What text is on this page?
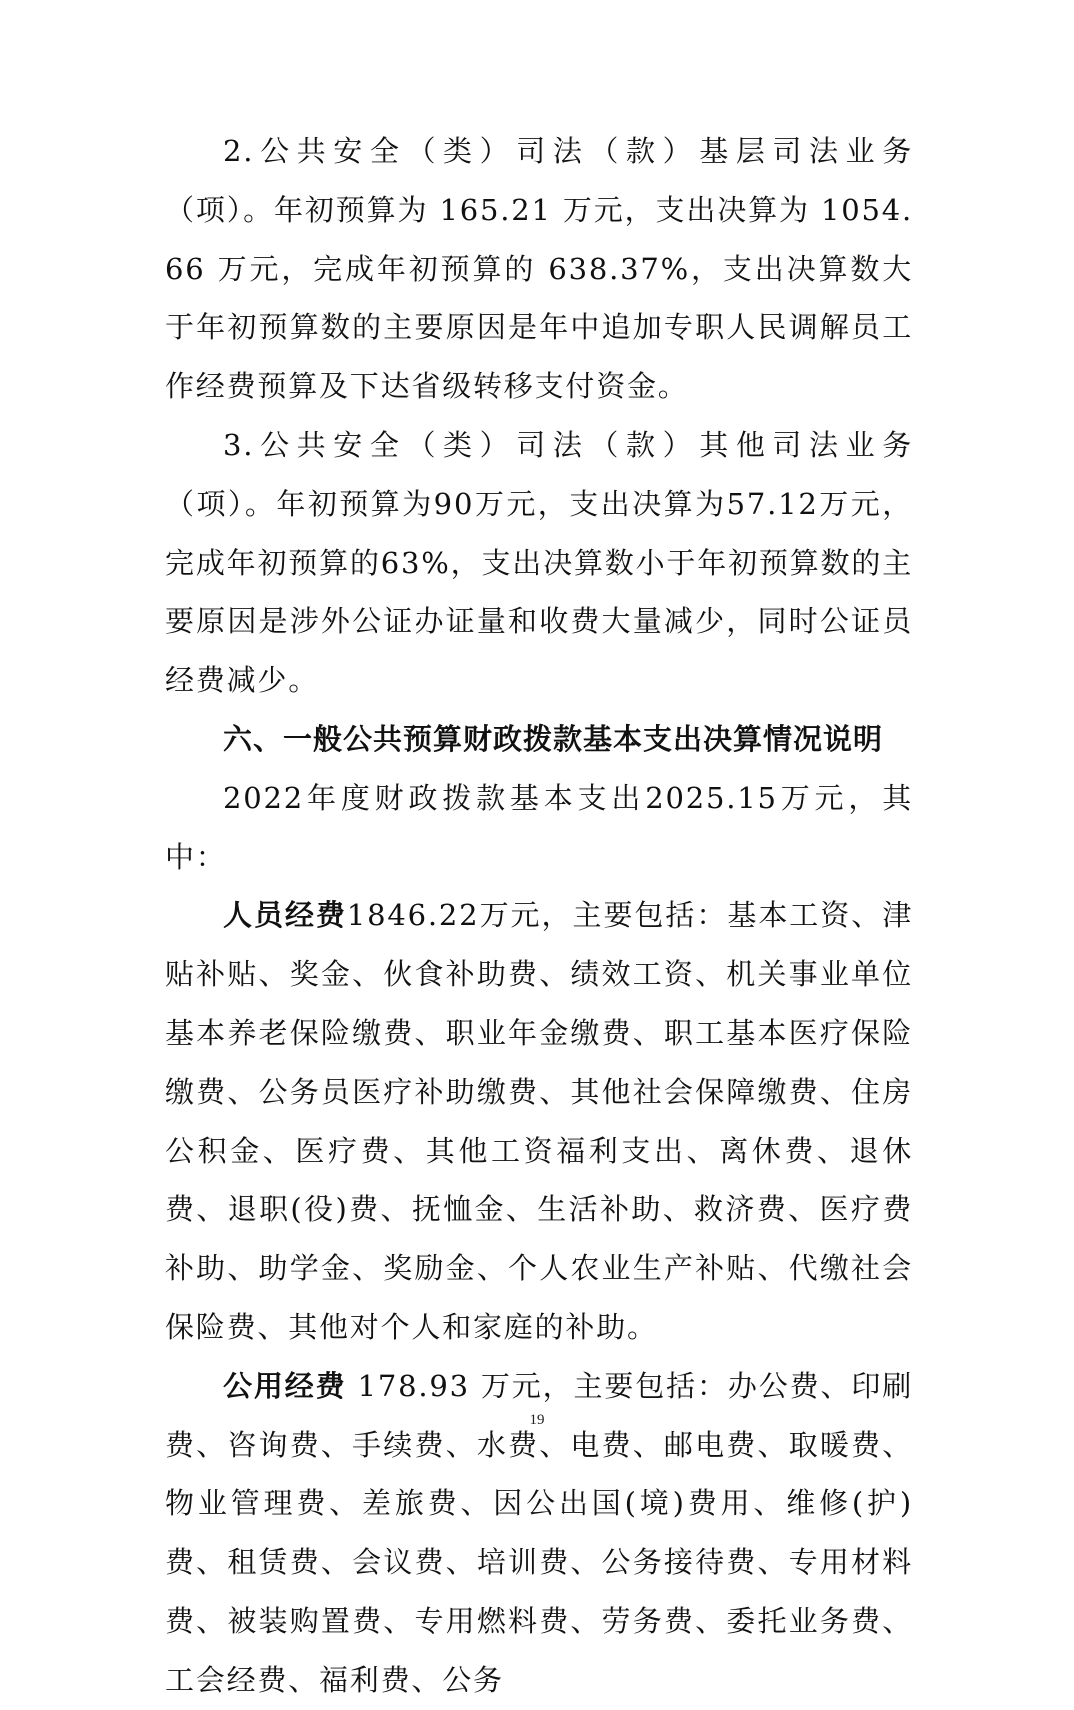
2.公共安全（类）司法（款）基层司法业务（项）。年初预算为 165.21 万元，支出决算为 1054.66 万元，完成年初预算的 638.37%，支出决算数大于年初预算数的主要原因是年中追加专职人民调解员工作经费预算及下达省级转移支付资金。

3.公共安全（类）司法（款）其他司法业务（项）。年初预算为90万元，支出决算为57.12万元，完成年初预算的63%，支出决算数小于年初预算数的主要原因是涉外公证办证量和收费大量减少，同时公证员经费减少。

六、一般公共预算财政拨款基本支出决算情况说明

2022年度财政拨款基本支出2025.15万元，其中：

人员经费1846.22万元，主要包括：基本工资、津贴补贴、奖金、伙食补助费、绩效工资、机关事业单位基本养老保险缴费、职业年金缴费、职工基本医疗保险缴费、公务员医疗补助缴费、其他社会保障缴费、住房公积金、医疗费、其他工资福利支出、离休费、退休费、退职(役)费、抚恤金、生活补助、救济费、医疗费补助、助学金、奖励金、个人农业生产补贴、代缴社会保险费、其他对个人和家庭的补助。

公用经费 178.93 万元，主要包括：办公费、印刷费、咨询费、手续费、水费、电费、邮电费、取暖费、物业管理费、差旅费、因公出国(境)费用、维修(护)费、租赁费、会议费、培训费、公务接待费、专用材料费、被装购置费、专用燃料费、劳务费、委托业务费、工会经费、福利费、公务

19
